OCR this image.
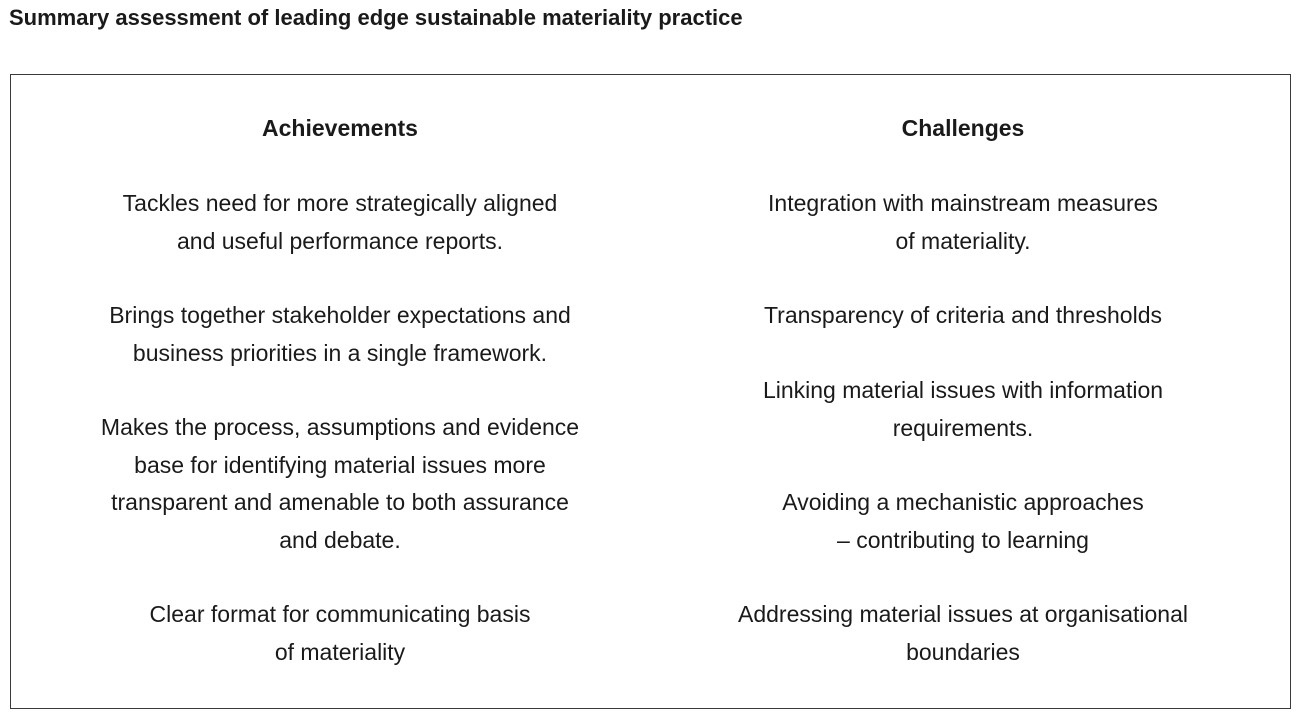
Summary assessment of leading edge sustainable materiality practice
Achievements
Tackles need for more strategically aligned
and useful performance reports.
Brings together stakeholder expectations and
business priorities in a single framework.
Makes the process, assumptions and evidence
base for identifying material issues more
transparent and amenable to both assurance
and debate.
Clear format for communicating basis
of materiality
Challenges
Integration with mainstream measures
of materiality.
Transparency of criteria and thresholds
Linking material issues with information
requirements.
Avoiding a mechanistic approaches
– contributing to learning
Addressing material issues at organisational
boundaries
